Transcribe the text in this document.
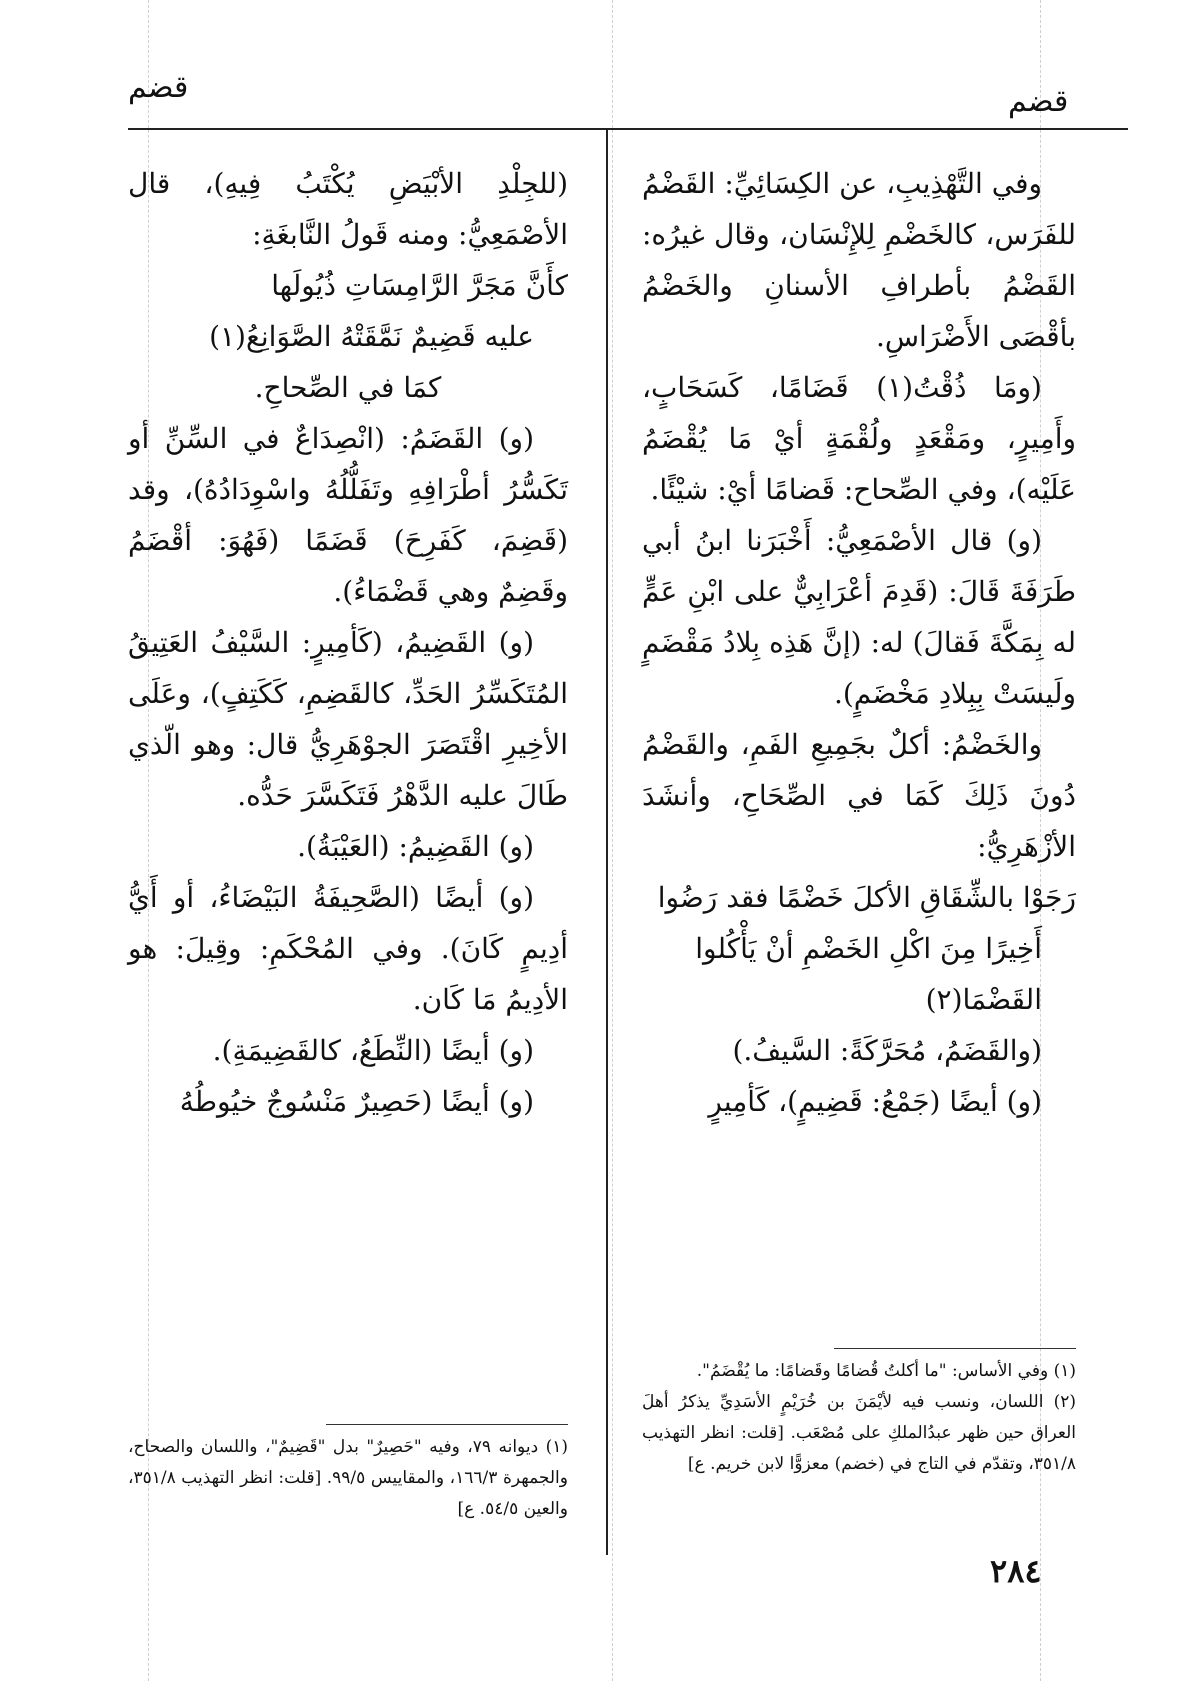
قضم
قضم

وفي التَّهْذِيبِ، عن الكِسَائِيِّ: القَضْمُ للفَرَس، كالخَضْمِ لِلإِنْسَان، وقال غيرُه: القَضْمُ بأطرافِ الأسنانِ والخَضْمُ بأقْصَى الأَضْرَاسِ.

(ومَا ذُقْتُ(١) قَضَامًا، كَسَحَابٍ، وأَمِيرٍ، ومَقْعَدٍ ولُقْمَةٍ أيْ مَا يُقْضَمُ عَلَيْه)، وفي الصِّحاح: قَضامًا أيْ: شيْئًا.

(و) قال الأصْمَعِيُّ: أَخْبَرَنا ابنُ أبي طَرَفَةَ قَالَ: (قَدِمَ أعْرَابِيٌّ على ابْنِ عَمٍّ له بِمَكَّةَ فَقالَ) له: (إنَّ هَذِه بِلادُ مَقْضَمٍ ولَيسَتْ بِبِلادِ مَخْضَمٍ).

والخَضْمُ: أكلٌ بجَمِيعِ الفَمِ، والقَضْمُ دُونَ ذَلِكَ كَمَا في الصِّحَاحِ، وأنشَدَ الأزْهَرِيُّ:

رَجَوْا بالشِّقَاقِ الأكلَ خَضْمًا فقد رَضُوا

أَخِيرًا مِنَ اكْلِ الخَضْمِ أنْ يَأْكُلوا القَضْمَا(٢)

(والقَضَمُ، مُحَرَّكَةً: السَّيفُ.)

(و) أيضًا (جَمْعُ: قَضِيمٍ)، كَأمِيرٍ

(للجِلْدِ الأبْيَضِ يُكْتَبُ فِيهِ)، قال الأصْمَعِيُّ: ومنه قَولُ النَّابغَةِ:

كأَنَّ مَجَرَّ الرَّامِسَاتِ ذُيُولَها

عليه قَضِيمٌ نَمَّقَتْهُ الصَّوَانِعُ(١)

كمَا في الصِّحاحِ.

(و) القَضَمُ: (انْصِدَاعٌ في السِّنِّ أو تَكَسُّرُ أطْرَافِهِ وتَفَلُّلُهُ واسْوِدَادُهُ)، وقد (قَضِمَ، كَفَرِحَ) قَضَمًا (فَهُوَ: أقْضَمُ وقَضِمٌ وهي قَضْمَاءُ).

(و) القَضِيمُ، (كَأمِيرٍ: السَّيْفُ العَتِيقُ المُتَكَسِّرُ الحَدِّ، كالقَضِمِ، كَكَتِفٍ)، وعَلَى الأخِيرِ اقْتَصَرَ الجوْهَرِيُّ قال: وهو الّذي طَالَ عليه الدَّهْرُ فَتَكَسَّرَ حَدُّه.

(و) القَضِيمُ: (العَيْبَةُ).

(و) أيضًا (الصَّحِيفَةُ البَيْضَاءُ، أو أَيُّ أدِيمٍ كَانَ). وفي المُحْكَمِ: وقِيلَ: هو الأدِيمُ مَا كَان.

(و) أيضًا (النِّطَعُ، كالقَضِيمَةِ).

(و) أيضًا (حَصِيرٌ مَنْسُوجٌ خيُوطُهُ

(١) وفي الأساس: "ما أكلتُ قُضامًا وقَضامًا: ما يُقْضَمُ".

(٢) اللسان، ونسب فيه لأيْمَنَ بن خُرَيْمٍ الأسَدِيِّ يذكرُ أهلَ العراق حين ظهر عبدُالملكِ على مُصْعَب. [قلت: انظر التهذيب ٣٥١/٨، وتقدّم في التاج في (خضم) معزوًّا لابن خريم. ع]

(١) ديوانه ٧٩، وفيه "حَصِيرٌ" بدل "قَضِيمٌ"، واللسان والصحاح، والجمهرة ١٦٦/٣، والمقاييس ٩٩/٥. [قلت: انظر التهذيب ٣٥١/٨، والعين ٥٤/٥. ع]

٢٨٤
